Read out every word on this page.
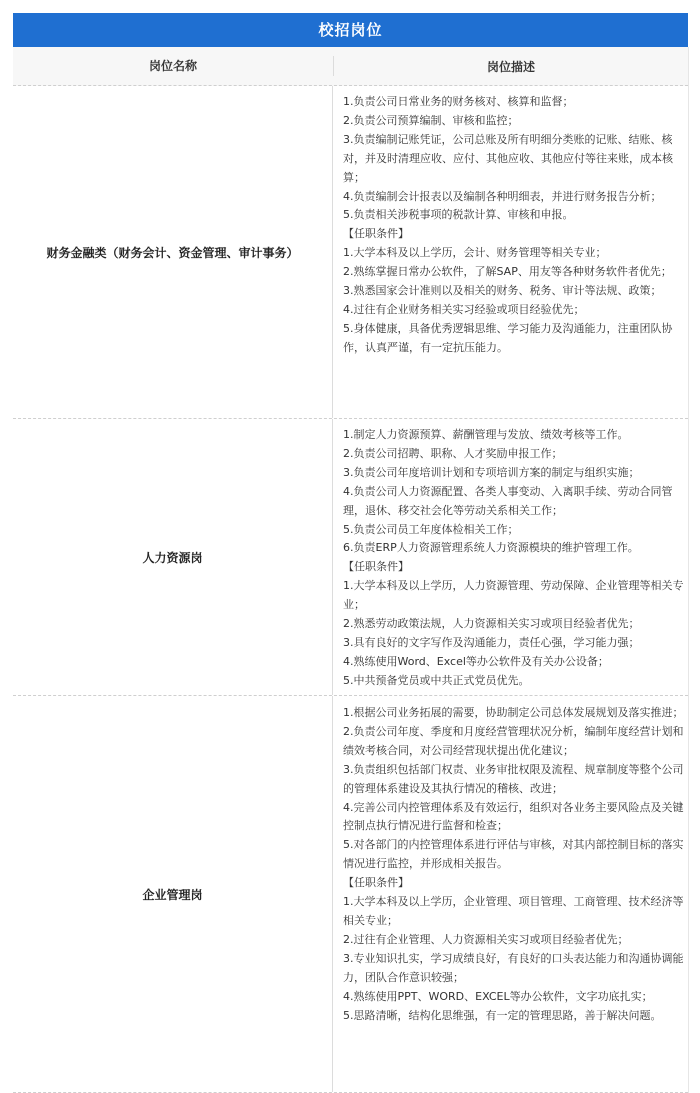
校招岗位
岗位名称	岗位描述
财务金融类（财务会计、资金管理、审计事务）
1.负责公司日常业务的财务核对、核算和监督；
2.负责公司预算编制、审核和监控；
3.负责编制记账凭证，公司总账及所有明细分类账的记账、结账、核对，并及时清理应收、应付、其他应收、其他应付等往来账，成本核算；
4.负责编制会计报表以及编制各种明细表，并进行财务报告分析；
5.负责相关涉税事项的税款计算、审核和申报。
【任职条件】
1.大学本科及以上学历，会计、财务管理等相关专业；
2.熟练掌握日常办公软件，了解SAP、用友等各种财务软件者优先；
3.熟悉国家会计准则以及相关的财务、税务、审计等法规、政策；
4.过往有企业财务相关实习经验或项目经验优先；
5.身体健康，具备优秀逻辑思维、学习能力及沟通能力，注重团队协作，认真严谨，有一定抗压能力。
人力资源岗
1.制定人力资源预算、薪酬管理与发放、绩效考核等工作。
2.负责公司招聘、职称、人才奖励申报工作；
3.负责公司年度培训计划和专项培训方案的制定与组织实施；
4.负责公司人力资源配置、各类人事变动、入离职手续、劳动合同管理，退休、移交社会化等劳动关系相关工作；
5.负责公司员工年度体检相关工作；
6.负责ERP人力资源管理系统人力资源模块的维护管理工作。
【任职条件】
1.大学本科及以上学历，人力资源管理、劳动保障、企业管理等相关专业；
2.熟悉劳动政策法规，人力资源相关实习或项目经验者优先；
3.具有良好的文字写作及沟通能力，责任心强，学习能力强；
4.熟练使用Word、Excel等办公软件及有关办公设备；
5.中共预备党员或中共正式党员优先。
企业管理岗
1.根据公司业务拓展的需要，协助制定公司总体发展规划及落实推进；
2.负责公司年度、季度和月度经营管理状况分析，编制年度经营计划和绩效考核合同，对公司经营现状提出优化建议；
3.负责组织包括部门权责、业务审批权限及流程、规章制度等整个公司的管理体系建设及其执行情况的稽核、改进；
4.完善公司内控管理体系及有效运行，组织对各业务主要风险点及关键控制点执行情况进行监督和检查；
5.对各部门的内控管理体系进行评估与审核，对其内部控制目标的落实情况进行监控，并形成相关报告。
【任职条件】
1.大学本科及以上学历，企业管理、项目管理、工商管理、技术经济等相关专业；
2.过往有企业管理、人力资源相关实习或项目经验者优先；
3.专业知识扎实，学习成绩良好，有良好的口头表达能力和沟通协调能力，团队合作意识较强；
4.熟练使用PPT、WORD、EXCEL等办公软件，文字功底扎实；
5.思路清晰，结构化思维强，有一定的管理思路，善于解决问题。
